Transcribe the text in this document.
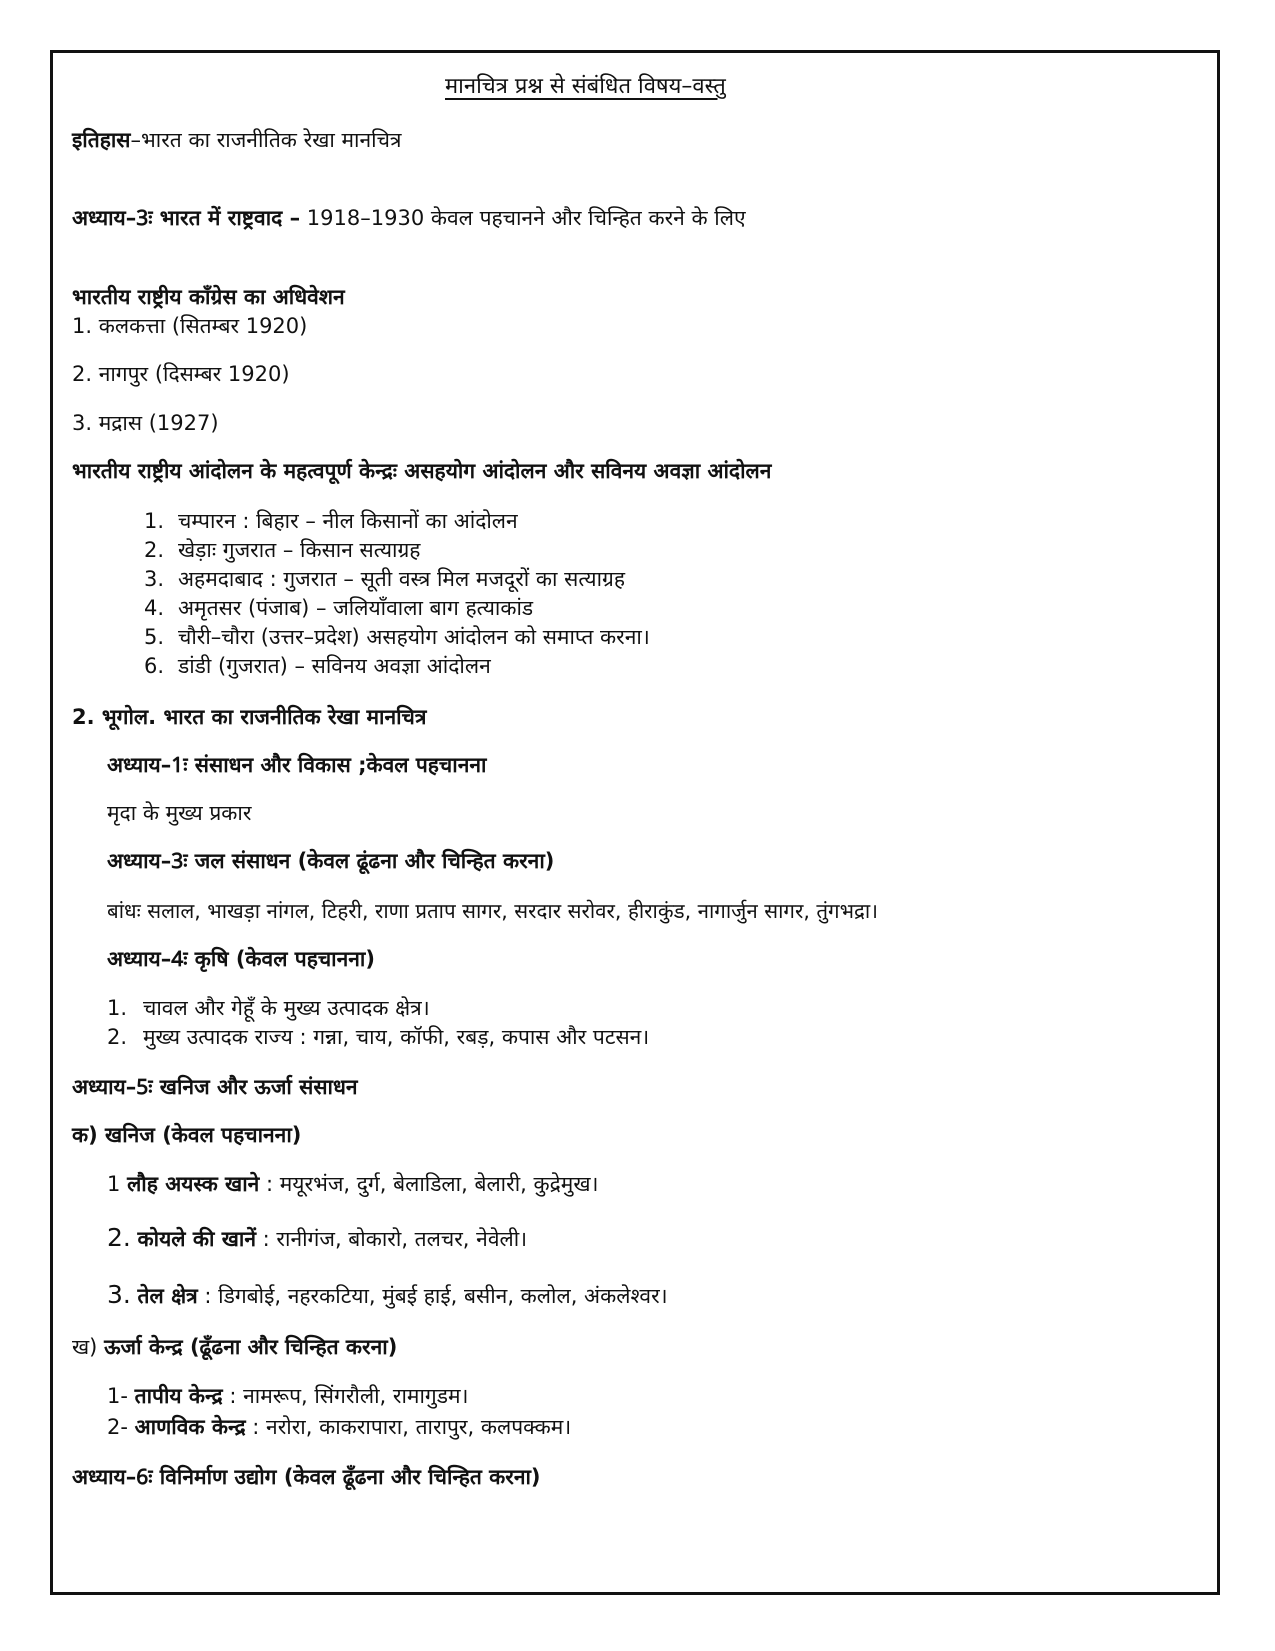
मानचित्र प्रश्न से संबंधित विषय–वस्तु
इतिहास–भारत का राजनीतिक रेखा मानचित्र
अध्याय–3ः भारत में राष्ट्रवाद – 1918–1930 केवल पहचानने और चिन्हित करने के लिए
भारतीय राष्ट्रीय काँग्रेस का अधिवेशन
1. कलकत्ता (सितम्बर 1920)
2. नागपुर (दिसम्बर 1920)
3. मद्रास (1927)
भारतीय राष्ट्रीय आंदोलन के महत्वपूर्ण केन्द्रः असहयोग आंदोलन और सविनय अवज्ञा आंदोलन
1. चम्पारन : बिहार – नील किसानों का आंदोलन
2. खेड़ाः गुजरात – किसान सत्याग्रह
3. अहमदाबाद : गुजरात – सूती वस्त्र मिल मजदूरों का सत्याग्रह
4. अमृतसर (पंजाब) – जलियाँवाला बाग हत्याकांड
5. चौरी–चौरा (उत्तर–प्रदेश) असहयोग आंदोलन को समाप्त करना।
6. डांडी (गुजरात) – सविनय अवज्ञा आंदोलन
2. भूगोल. भारत का राजनीतिक रेखा मानचित्र
अध्याय–1ः संसाधन और विकास ;केवल पहचानना
मृदा के मुख्य प्रकार
अध्याय–3ः जल संसाधन (केवल ढूंढना और चिन्हित करना)
बांधः सलाल, भाखड़ा नांगल, टिहरी, राणा प्रताप सागर, सरदार सरोवर, हीराकुंड, नागार्जुन सागर, तुंगभद्रा।
अध्याय–4ः कृषि (केवल पहचानना)
1. चावल और गेहूँ के मुख्य उत्पादक क्षेत्र।
2. मुख्य उत्पादक राज्य : गन्ना, चाय, कॉफी, रबड़, कपास और पटसन।
अध्याय–5ः खनिज और ऊर्जा संसाधन
क) खनिज (केवल पहचानना)
1 लौह अयस्क खाने : मयूरभंज, दुर्ग, बेलाडिला, बेलारी, कुद्रेमुख।
2. कोयले की खानें : रानीगंज, बोकारो, तलचर, नेवेली।
3. तेल क्षेत्र : डिगबोई, नहरकटिया, मुंबई हाई, बसीन, कलोल, अंकलेश्वर।
ख) ऊर्जा केन्द्र (ढूँढना और चिन्हित करना)
1- तापीय केन्द्र : नामरूप, सिंगरौली, रामागुडम।
2- आणविक केन्द्र : नरोरा, काकरापारा, तारापुर, कलपक्कम।
अध्याय–6ः विनिर्माण उद्योग (केवल ढूँढना और चिन्हित करना)
